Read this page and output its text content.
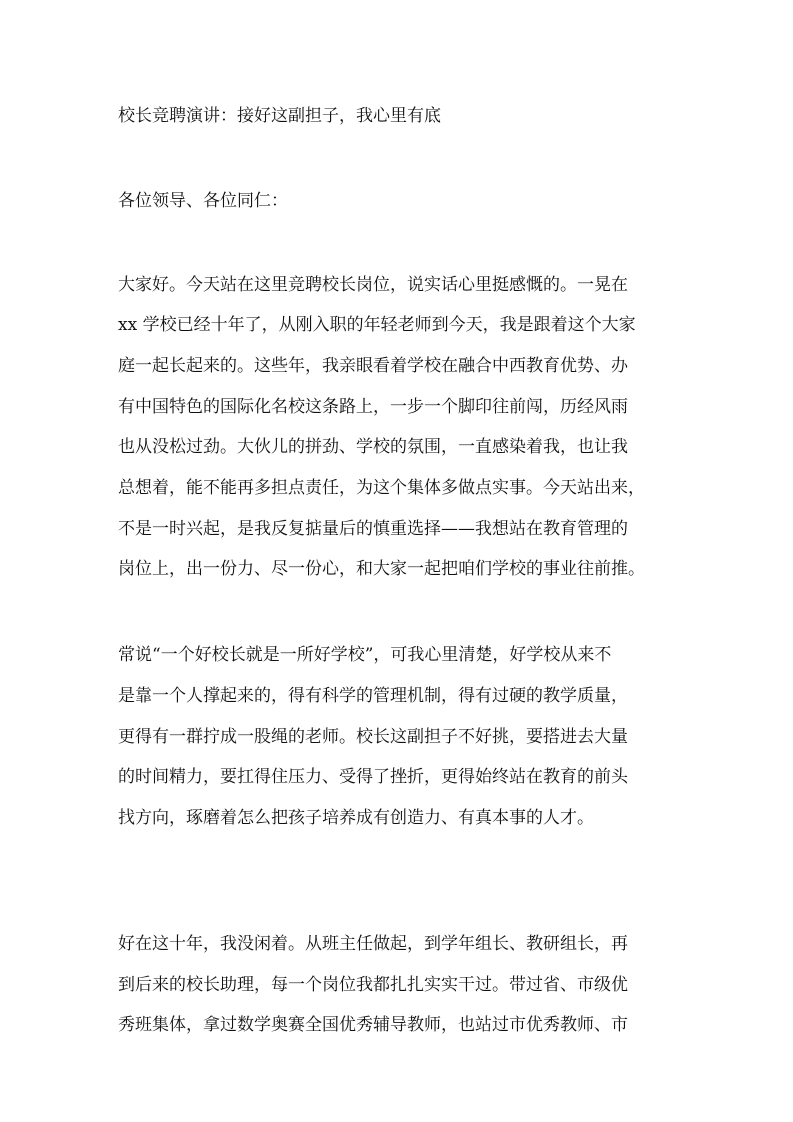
校长竞聘演讲：接好这副担子，我心里有底
各位领导、各位同仁：
大家好。今天站在这里竞聘校长岗位，说实话心里挺感慨的。一晃在
xx 学校已经十年了，从刚入职的年轻老师到今天，我是跟着这个大家
庭一起长起来的。这些年，我亲眼看着学校在融合中西教育优势、办
有中国特色的国际化名校这条路上，一步一个脚印往前闯，历经风雨
也从没松过劲。大伙儿的拼劲、学校的氛围，一直感染着我，也让我
总想着，能不能再多担点责任，为这个集体多做点实事。今天站出来，
不是一时兴起，是我反复掂量后的慎重选择——我想站在教育管理的
岗位上，出一份力、尽一份心，和大家一起把咱们学校的事业往前推。
常说“一个好校长就是一所好学校”，可我心里清楚，好学校从来不
是靠一个人撑起来的，得有科学的管理机制，得有过硬的教学质量，
更得有一群拧成一股绳的老师。校长这副担子不好挑，要搭进去大量
的时间精力，要扛得住压力、受得了挫折，更得始终站在教育的前头
找方向，琢磨着怎么把孩子培养成有创造力、有真本事的人才。
好在这十年，我没闲着。从班主任做起，到学年组长、教研组长，再
到后来的校长助理，每一个岗位我都扎扎实实干过。带过省、市级优
秀班集体，拿过数学奥赛全国优秀辅导教师，也站过市优秀教师、市
